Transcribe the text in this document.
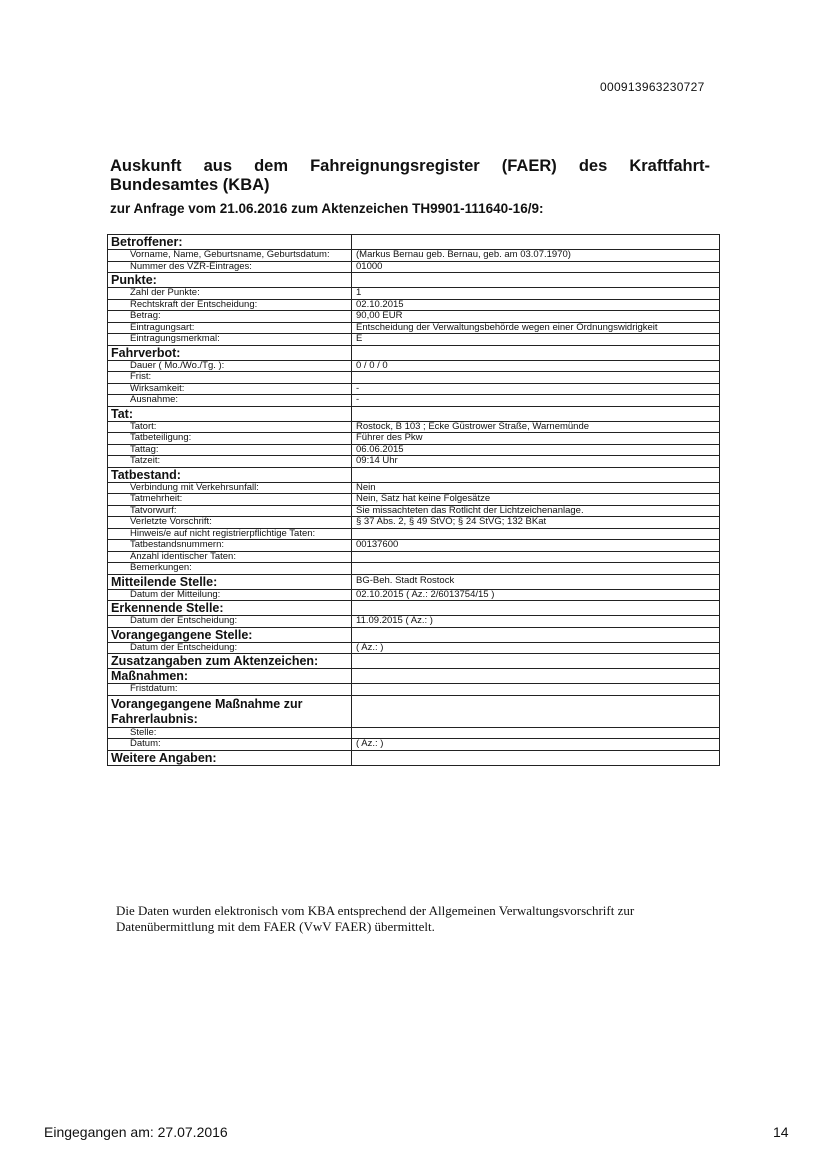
000913963230727
Auskunft aus dem Fahreignungsregister (FAER) des Kraftfahrt-Bundesamtes (KBA)
zur Anfrage vom 21.06.2016 zum Aktenzeichen TH9901-111640-16/9:
Betroffener:	
Vorname, Name, Geburtsname, Geburtsdatum:	(Markus Bernau geb. Bernau, geb. am 03.07.1970)
Nummer des VZR-Eintrages:	01000
Punkte:	
Zahl der Punkte:	1
Rechtskraft der Entscheidung:	02.10.2015
Betrag:	90,00 EUR
Eintragungsart:	Entscheidung der Verwaltungsbehörde wegen einer Ordnungswidrigkeit
Eintragungsmerkmal:	E
Fahrverbot:	
Dauer ( Mo./Wo./Tg. ):	0 / 0 / 0
Frist:	
Wirksamkeit:	-
Ausnahme:	-
Tat:	
Tatort:	Rostock, B 103 ; Ecke Güstrower Straße, Warnemünde
Tatbeteiligung:	Führer des Pkw
Tattag:	06.06.2015
Tatzeit:	09:14 Uhr
Tatbestand:	
Verbindung mit Verkehrsunfall:	Nein
Tatmehrheit:	Nein, Satz hat keine Folgesätze
Tatvorwurf:	Sie missachteten das Rotlicht der Lichtzeichenanlage.
Verletzte Vorschrift:	§ 37 Abs. 2, § 49 StVO; § 24 StVG; 132 BKat
Hinweis/e auf nicht registrierpflichtige Taten:	
Tatbestandsnummern:	00137600
Anzahl identischer Taten:	
Bemerkungen:	
Mitteilende Stelle:	BG-Beh. Stadt Rostock
Datum der Mitteilung:	02.10.2015 ( Az.: 2/6013754/15 )
Erkennende Stelle:	
Datum der Entscheidung:	11.09.2015 ( Az.: )
Vorangegangene Stelle:	
Datum der Entscheidung:	( Az.: )
Zusatzangaben zum Aktenzeichen:	
Maßnahmen:	
Fristdatum:	
Vorangegangene Maßnahme zur Fahrerlaubnis:	
Stelle:	
Datum:	( Az.: )
Weitere Angaben:	
Die Daten wurden elektronisch vom KBA entsprechend der Allgemeinen Verwaltungsvorschrift zur Datenübermittlung mit dem FAER (VwV FAER) übermittelt.
Eingegangen am: 27.07.2016	14
